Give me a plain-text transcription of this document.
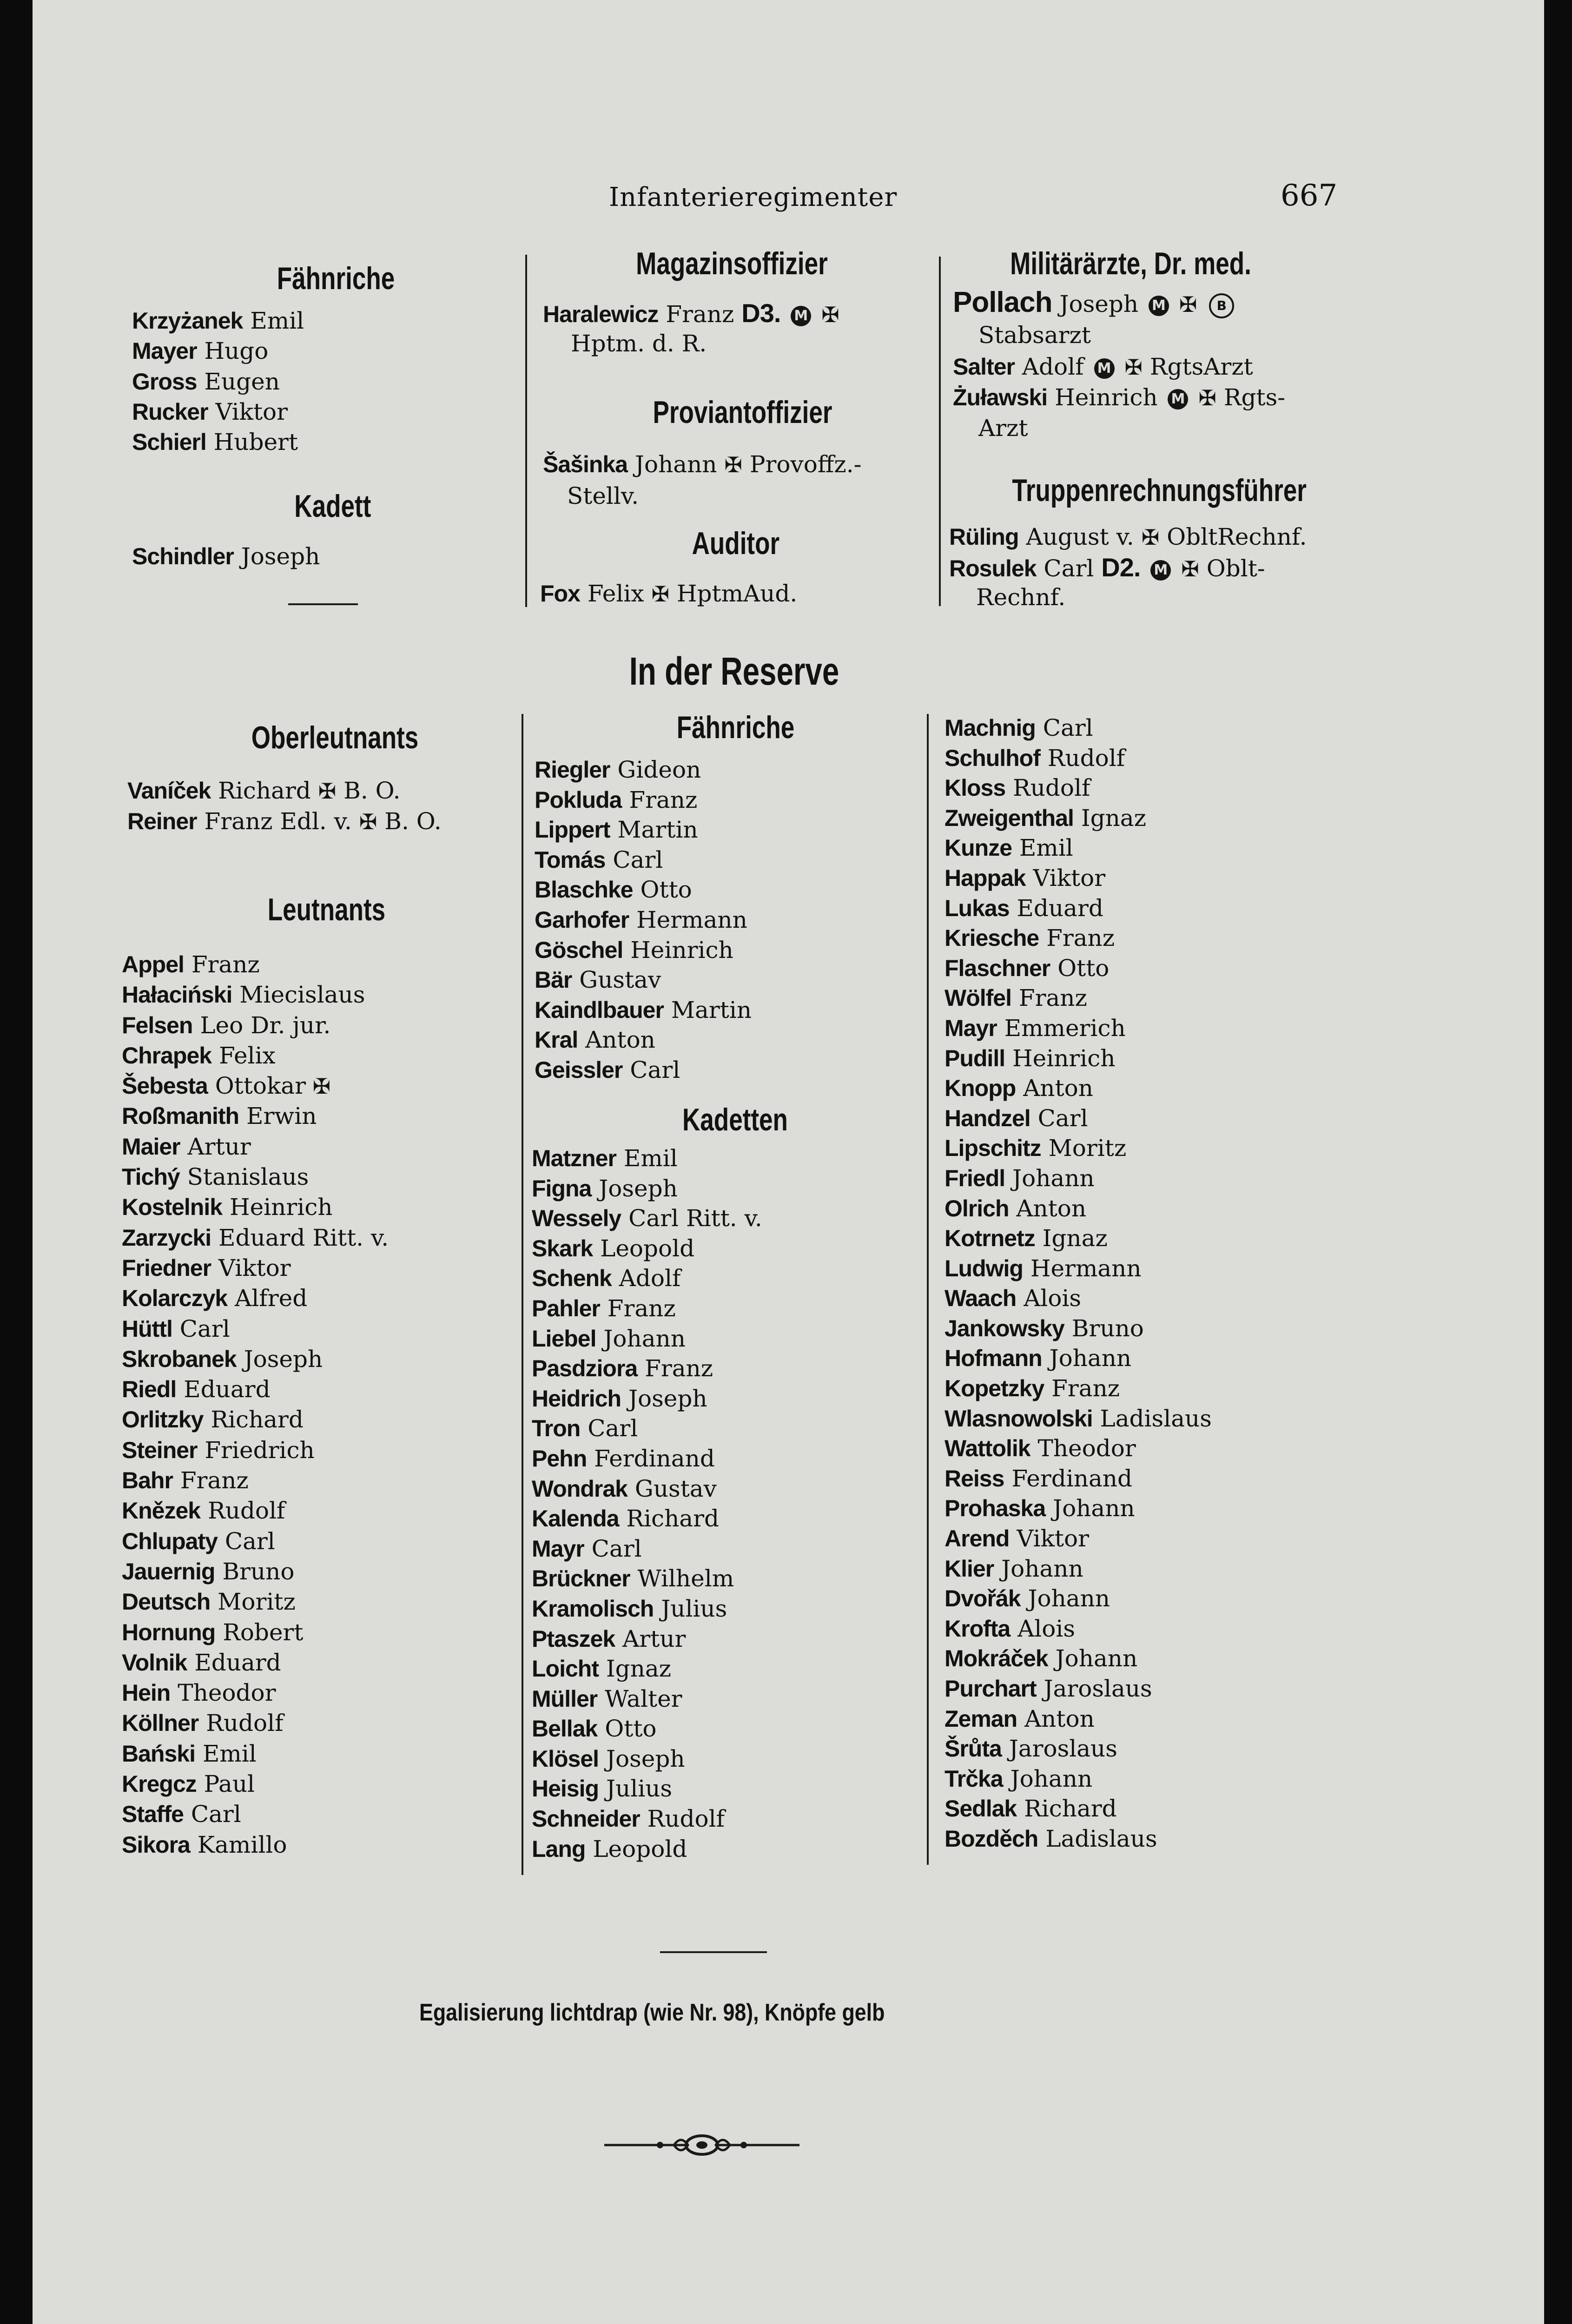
Infanterieregimenter	667
Fähnriche
Krzyżanek Emil
Mayer Hugo
Gross Eugen
Rucker Viktor
Schierl Hubert
Kadett
Schindler Joseph
Magazinsoffizier
Haralewicz Franz D3. M ✠
Hptm. d. R.
Proviantoffizier
Šašinka Johann ✠ Provoffz.-
Stellv.
Auditor
Fox Felix ✠ HptmAud.
Militärärzte, Dr. med.
Pollach Joseph M ✠ B
Stabsarzt
Salter Adolf M ✠ RgtsArzt
Żuławski Heinrich M ✠ Rgts-
Arzt
Truppenrechnungsführer
Rüling August v. ✠ ObltRechnf.
Rosulek Carl D2. M ✠ Oblt-
Rechnf.
In der Reserve
Oberleutnants
Vaníček Richard ✠ B. O.
Reiner Franz Edl. v. ✠ B. O.
Leutnants
Appel Franz
Hałaciński Miecislaus
Felsen Leo Dr. jur.
Chrapek Felix
Šebesta Ottokar ✠
Roßmanith Erwin
Maier Artur
Tichý Stanislaus
Kostelnik Heinrich
Zarzycki Eduard Ritt. v.
Friedner Viktor
Kolarczyk Alfred
Hüttl Carl
Skrobanek Joseph
Riedl Eduard
Orlitzky Richard
Steiner Friedrich
Bahr Franz
Knězek Rudolf
Chlupaty Carl
Jauernig Bruno
Deutsch Moritz
Hornung Robert
Volnik Eduard
Hein Theodor
Köllner Rudolf
Bański Emil
Kregcz Paul
Staffe Carl
Sikora Kamillo
Fähnriche
Riegler Gideon
Pokluda Franz
Lippert Martin
Tomás Carl
Blaschke Otto
Garhofer Hermann
Göschel Heinrich
Bär Gustav
Kaindlbauer Martin
Kral Anton
Geissler Carl
Kadetten
Matzner Emil
Figna Joseph
Wessely Carl Ritt. v.
Skark Leopold
Schenk Adolf
Pahler Franz
Liebel Johann
Pasdziora Franz
Heidrich Joseph
Tron Carl
Pehn Ferdinand
Wondrak Gustav
Kalenda Richard
Mayr Carl
Brückner Wilhelm
Kramolisch Julius
Ptaszek Artur
Loicht Ignaz
Müller Walter
Bellak Otto
Klösel Joseph
Heisig Julius
Schneider Rudolf
Lang Leopold
Machnig Carl
Schulhof Rudolf
Kloss Rudolf
Zweigenthal Ignaz
Kunze Emil
Happak Viktor
Lukas Eduard
Kriesche Franz
Flaschner Otto
Wölfel Franz
Mayr Emmerich
Pudill Heinrich
Knopp Anton
Handzel Carl
Lipschitz Moritz
Friedl Johann
Olrich Anton
Kotrnetz Ignaz
Ludwig Hermann
Waach Alois
Jankowsky Bruno
Hofmann Johann
Kopetzky Franz
Wlasnowolski Ladislaus
Wattolik Theodor
Reiss Ferdinand
Prohaska Johann
Arend Viktor
Klier Johann
Dvořák Johann
Krofta Alois
Mokráček Johann
Purchart Jaroslaus
Zeman Anton
Šrůta Jaroslaus
Trčka Johann
Sedlak Richard
Bozděch Ladislaus
Egalisierung lichtdrap (wie Nr. 98), Knöpfe gelb
